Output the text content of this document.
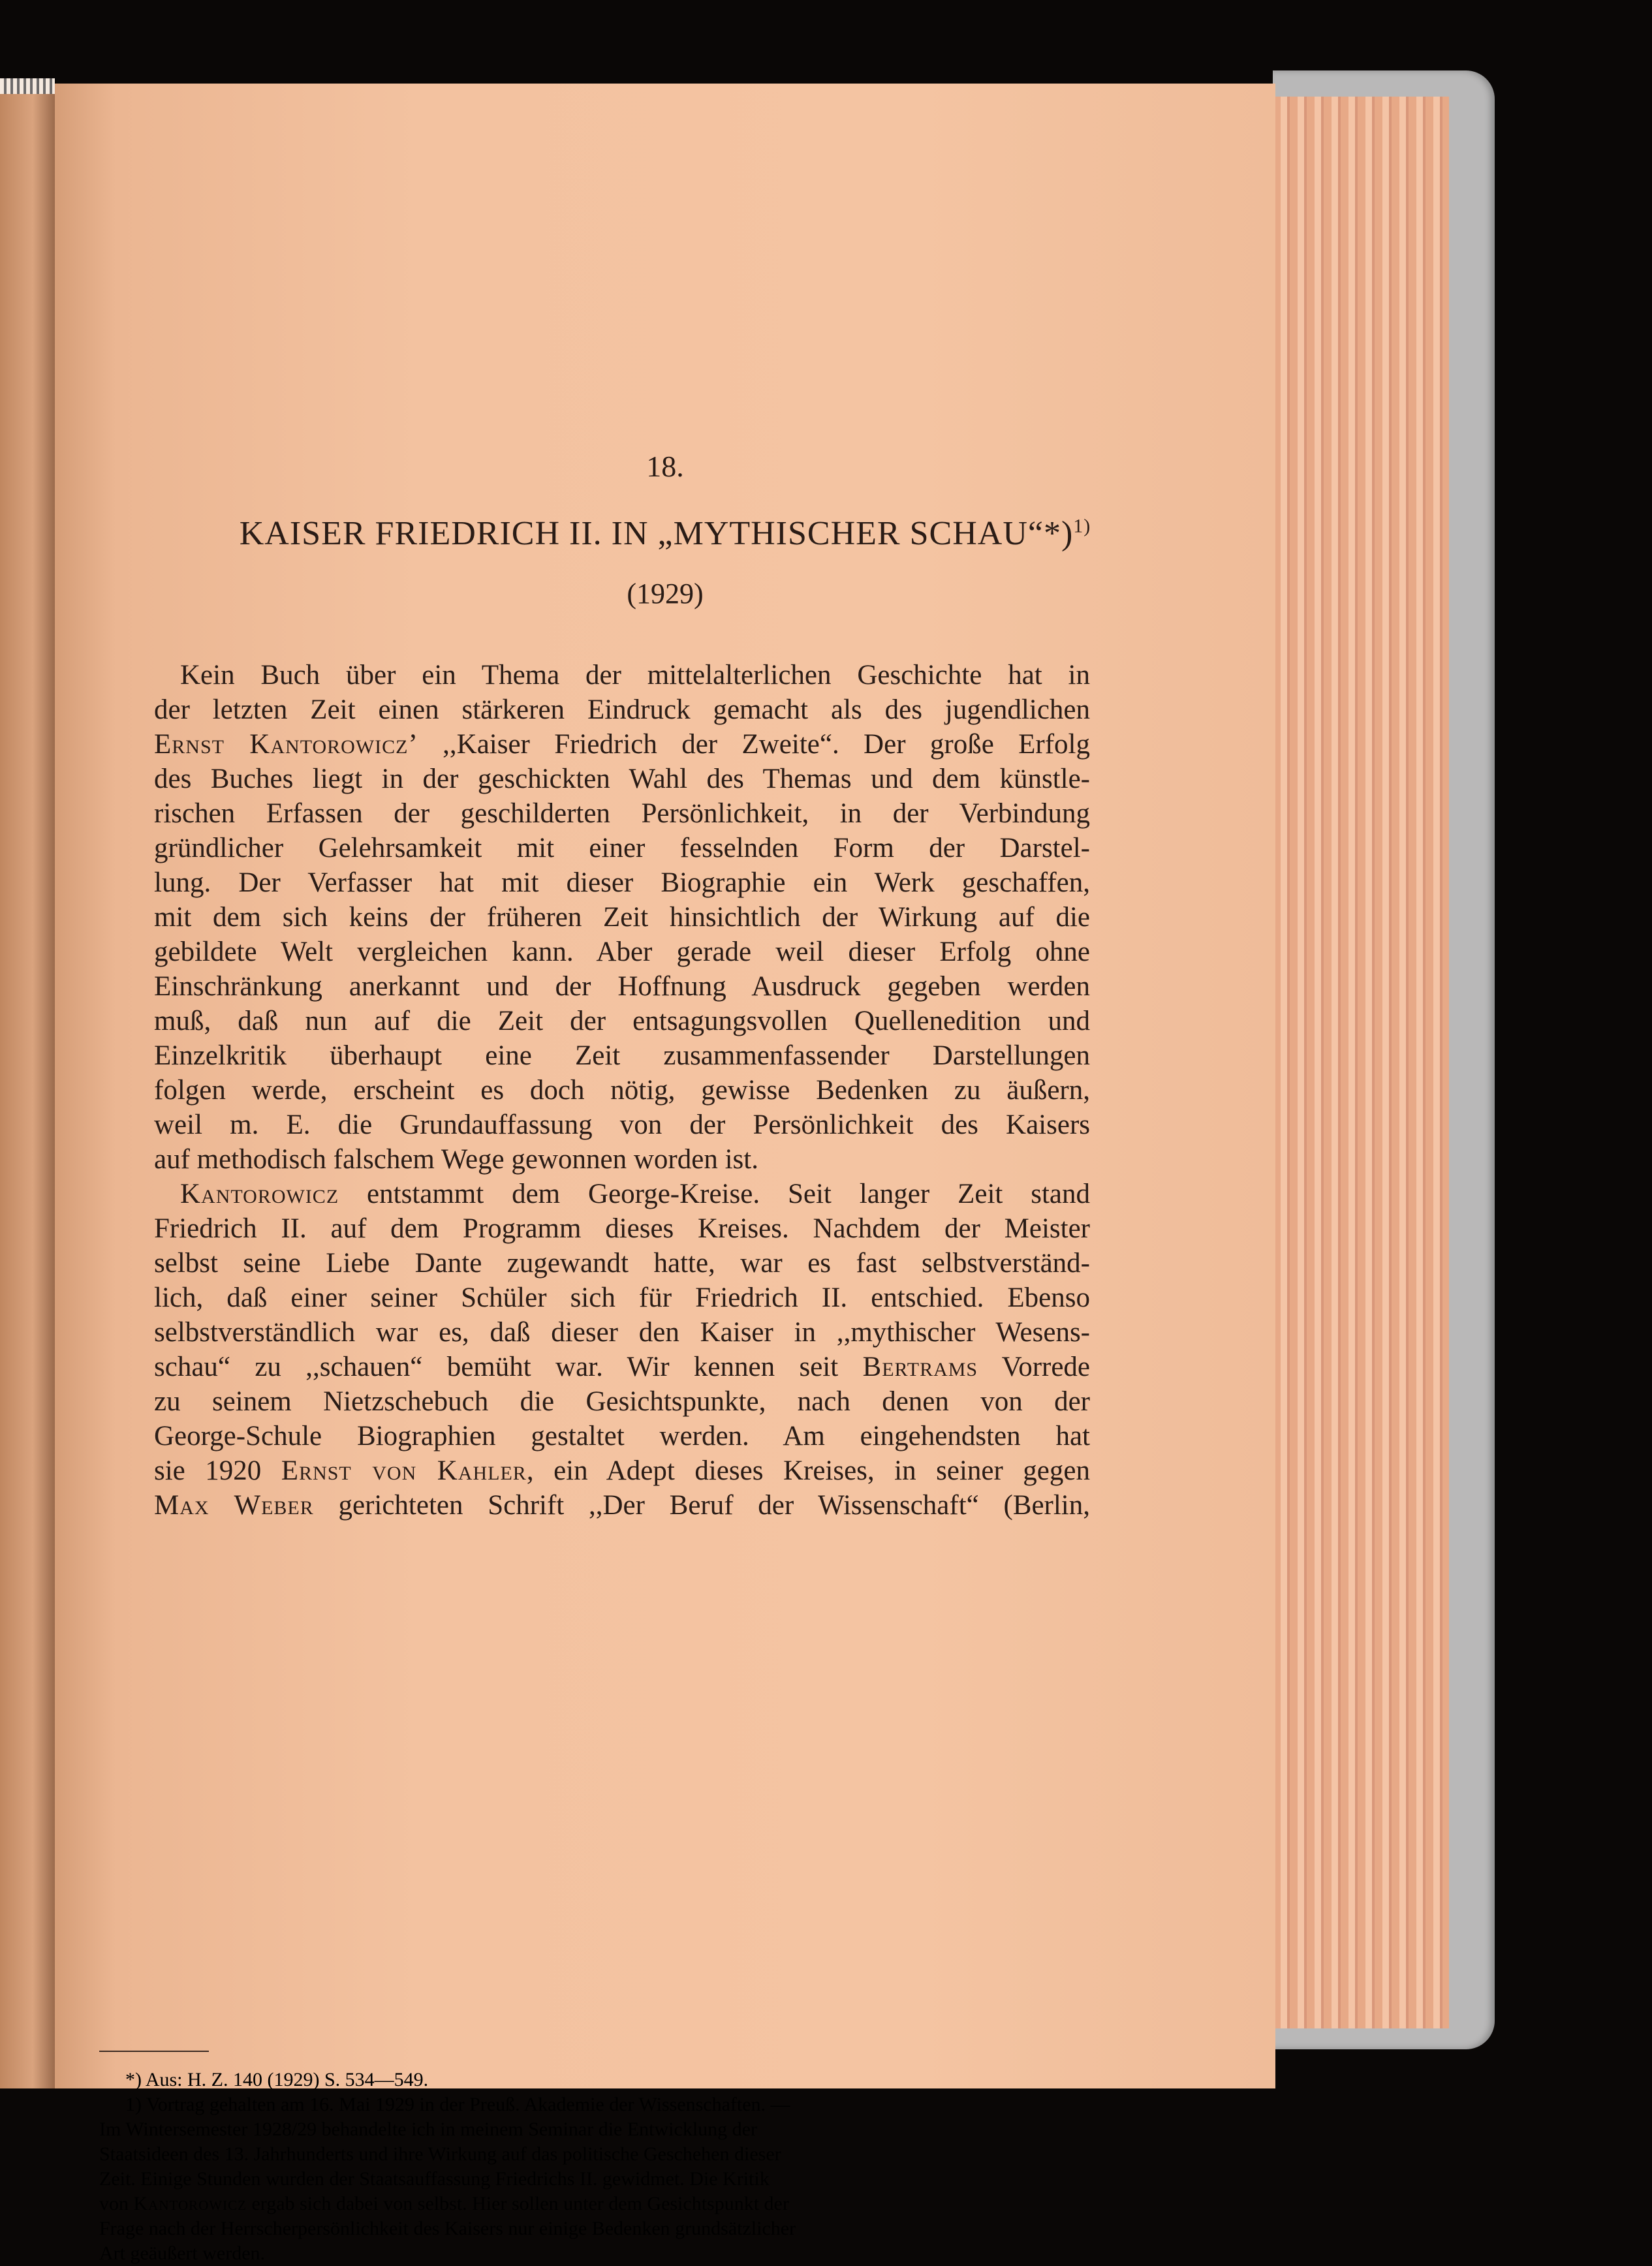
18.
KAISER FRIEDRICH II. IN „MYTHISCHER SCHAU“*)$^{1)}$
(1929)
Kein Buch über ein Thema der mittelalterlichen Geschichte hat in
der letzten Zeit einen stärkeren Eindruck gemacht als des jugendlichen
Ernst Kantorowicz’ ,,Kaiser Friedrich der Zweite“. Der große Erfolg
des Buches liegt in der geschickten Wahl des Themas und dem künstle-
rischen Erfassen der geschilderten Persönlichkeit, in der Verbindung
gründlicher Gelehrsamkeit mit einer fesselnden Form der Darstel-
lung. Der Verfasser hat mit dieser Biographie ein Werk geschaffen,
mit dem sich keins der früheren Zeit hinsichtlich der Wirkung auf die
gebildete Welt vergleichen kann. Aber gerade weil dieser Erfolg ohne
Einschränkung anerkannt und der Hoffnung Ausdruck gegeben werden
muß, daß nun auf die Zeit der entsagungsvollen Quellenedition und
Einzelkritik überhaupt eine Zeit zusammenfassender Darstellungen
folgen werde, erscheint es doch nötig, gewisse Bedenken zu äußern,
weil m. E. die Grundauffassung von der Persönlichkeit des Kaisers
auf methodisch falschem Wege gewonnen worden ist.
Kantorowicz entstammt dem George-Kreise. Seit langer Zeit stand
Friedrich II. auf dem Programm dieses Kreises. Nachdem der Meister
selbst seine Liebe Dante zugewandt hatte, war es fast selbstverständ-
lich, daß einer seiner Schüler sich für Friedrich II. entschied. Ebenso
selbstverständlich war es, daß dieser den Kaiser in ,,mythischer Wesens-
schau“ zu ,,schauen“ bemüht war. Wir kennen seit Bertrams Vorrede
zu seinem Nietzschebuch die Gesichtspunkte, nach denen von der
George-Schule Biographien gestaltet werden. Am eingehendsten hat
sie 1920 Ernst von Kahler, ein Adept dieses Kreises, in seiner gegen
Max Weber gerichteten Schrift ,,Der Beruf der Wissenschaft“ (Berlin,
*) Aus: H. Z. 140 (1929) S. 534—549.
1) Vortrag gehalten am 16. Mai 1929 in der Preuß. Akademie der Wissenschaften. —
Im Wintersemester 1928/29 behandelte ich in meinem Seminar die Entwicklung der
Staatsideen des 13. Jahrhunderts und ihre Wirkung auf das politische Geschehen dieser
Zeit. Einige Stunden wurden der Staatsauffassung Friedrichs II. gewidmet. Die Kritik
von Kantorowicz ergab sich dabei von selbst. Hier sollen unter dem Gesichtspunkt der
Frage nach der Herrscherpersönlichkeit des Kaisers nur einige Bedenken grundsätzlicher
Art geäußert werden.
